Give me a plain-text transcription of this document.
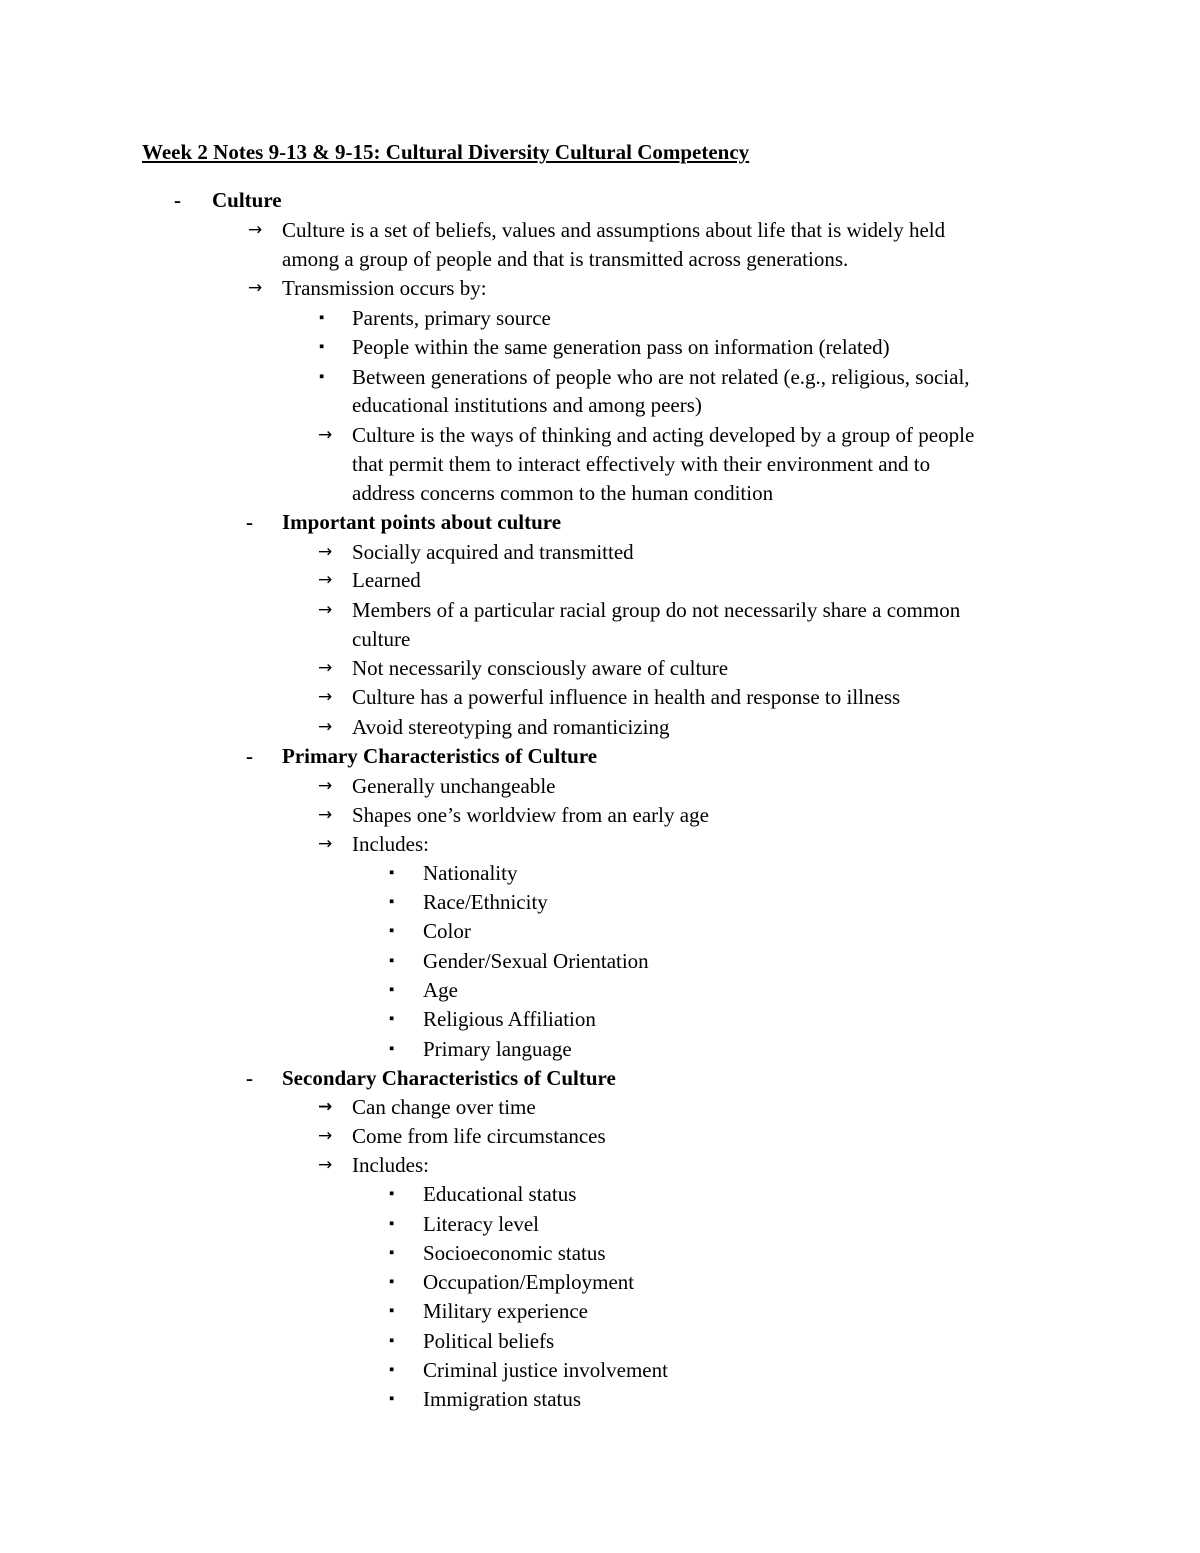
Week 2 Notes 9-13 & 9-15: Cultural Diversity Cultural Competency
- Culture
→ Culture is a set of beliefs, values and assumptions about life that is widely held
among a group of people and that is transmitted across generations.
→ Transmission occurs by:
▪ Parents, primary source
▪ People within the same generation pass on information (related)
▪ Between generations of people who are not related (e.g., religious, social,
educational institutions and among peers)
→ Culture is the ways of thinking and acting developed by a group of people
that permit them to interact effectively with their environment and to
address concerns common to the human condition
- Important points about culture
→ Socially acquired and transmitted
→ Learned
→ Members of a particular racial group do not necessarily share a common
culture
→ Not necessarily consciously aware of culture
→ Culture has a powerful influence in health and response to illness
→ Avoid stereotyping and romanticizing
- Primary Characteristics of Culture
→ Generally unchangeable
→ Shapes one’s worldview from an early age
→ Includes:
▪ Nationality
▪ Race/Ethnicity
▪ Color
▪ Gender/Sexual Orientation
▪ Age
▪ Religious Affiliation
▪ Primary language
- Secondary Characteristics of Culture
→ Can change over time
→ Come from life circumstances
→ Includes:
▪ Educational status
▪ Literacy level
▪ Socioeconomic status
▪ Occupation/Employment
▪ Military experience
▪ Political beliefs
▪ Criminal justice involvement
▪ Immigration status
